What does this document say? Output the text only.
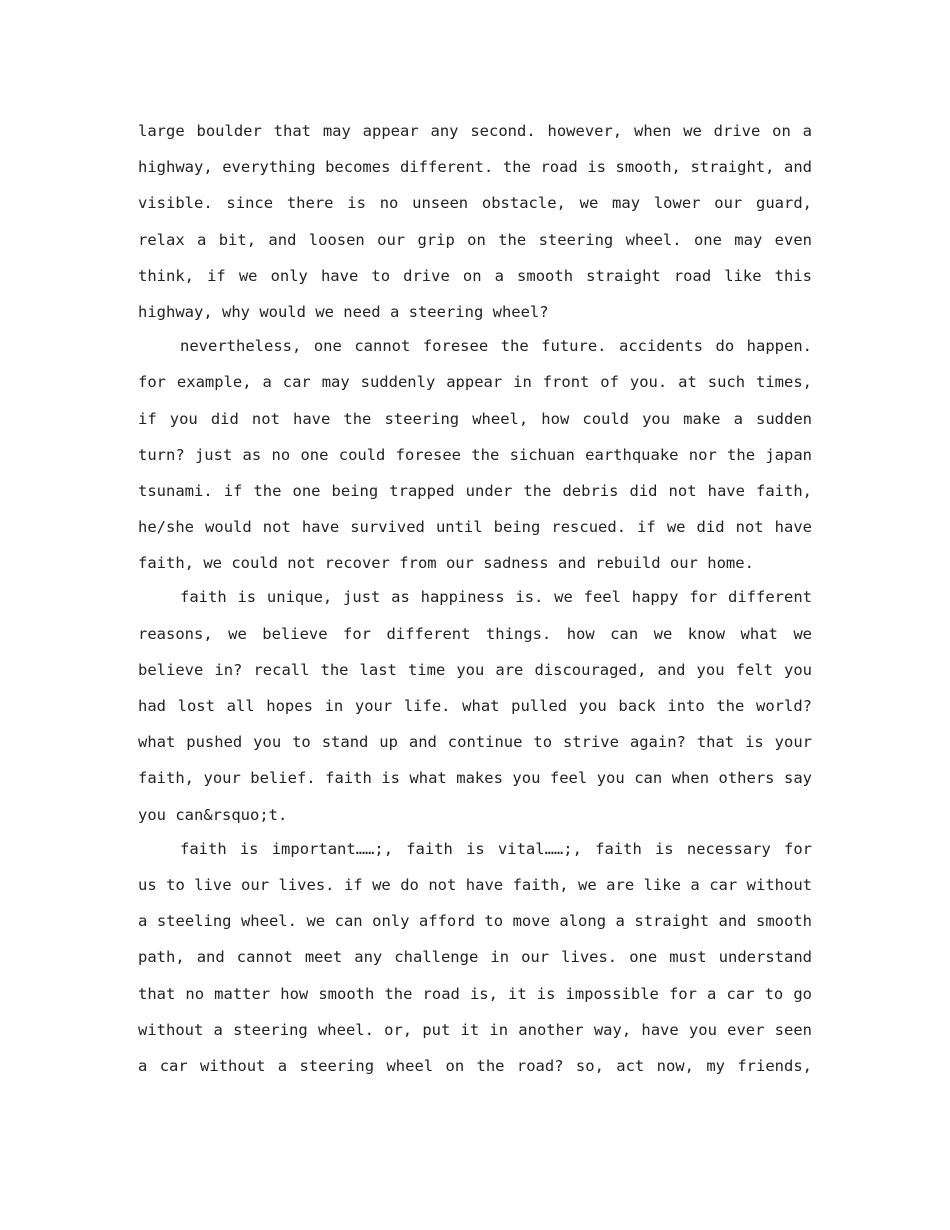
large boulder that may appear any second. however, when we drive on a
highway, everything becomes different. the road is smooth, straight, and
visible. since there is no unseen obstacle, we may lower our guard,
relax a bit, and loosen our grip on the steering wheel. one may even
think, if we only have to drive on a smooth straight road like this
highway, why would we need a steering wheel?
nevertheless, one cannot foresee the future. accidents do happen.
for example, a car may suddenly appear in front of you. at such times,
if you did not have the steering wheel, how could you make a sudden
turn? just as no one could foresee the sichuan earthquake nor the japan
tsunami. if the one being trapped under the debris did not have faith,
he/she would not have survived until being rescued. if we did not have
faith, we could not recover from our sadness and rebuild our home.
faith is unique, just as happiness is. we feel happy for different
reasons, we believe for different things. how can we know what we
believe in? recall the last time you are discouraged, and you felt you
had lost all hopes in your life. what pulled you back into the world?
what pushed you to stand up and continue to strive again? that is your
faith, your belief. faith is what makes you feel you can when others say
you can&rsquo;t.
faith is important……;, faith is vital……;, faith is necessary for
us to live our lives. if we do not have faith, we are like a car without
a steeling wheel. we can only afford to move along a straight and smooth
path, and cannot meet any challenge in our lives. one must understand
that no matter how smooth the road is, it is impossible for a car to go
without a steering wheel. or, put it in another way, have you ever seen
a car without a steering wheel on the road? so, act now, my friends,
